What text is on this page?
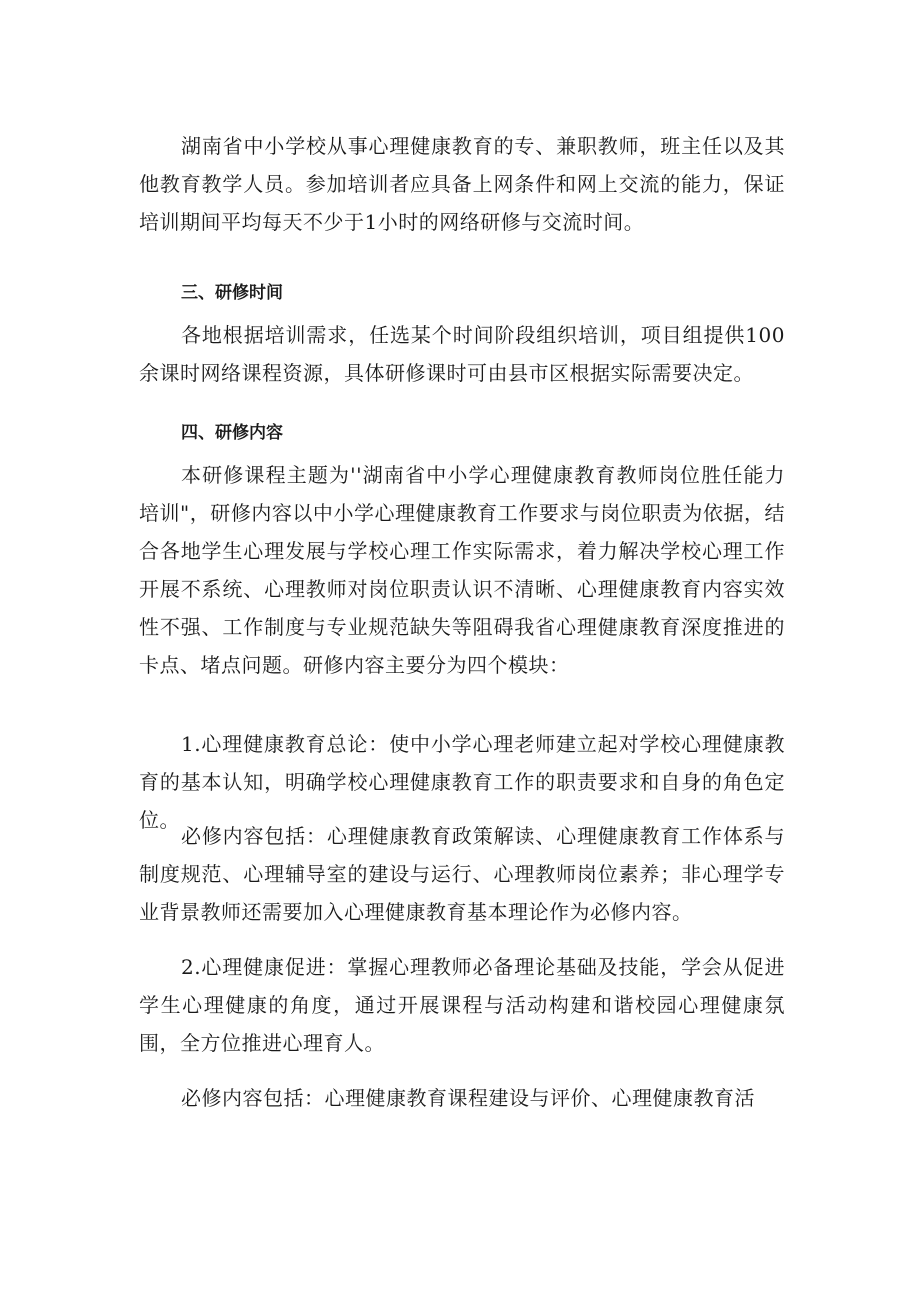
湖南省中小学校从事心理健康教育的专、兼职教师，班主任以及其他教育教学人员。参加培训者应具备上网条件和网上交流的能力，保证培训期间平均每天不少于1小时的网络研修与交流时间。

三、研修时间

各地根据培训需求，任选某个时间阶段组织培训，项目组提供100余课时网络课程资源，具体研修课时可由县市区根据实际需要决定。

四、研修内容

本研修课程主题为''湖南省中小学心理健康教育教师岗位胜任能力培训"，研修内容以中小学心理健康教育工作要求与岗位职责为依据，结合各地学生心理发展与学校心理工作实际需求，着力解决学校心理工作开展不系统、心理教师对岗位职责认识不清晰、心理健康教育内容实效性不强、工作制度与专业规范缺失等阻碍我省心理健康教育深度推进的卡点、堵点问题。研修内容主要分为四个模块：

1.心理健康教育总论：使中小学心理老师建立起对学校心理健康教育的基本认知，明确学校心理健康教育工作的职责要求和自身的角色定位。

必修内容包括：心理健康教育政策解读、心理健康教育工作体系与制度规范、心理辅导室的建设与运行、心理教师岗位素养；非心理学专业背景教师还需要加入心理健康教育基本理论作为必修内容。

2.心理健康促进：掌握心理教师必备理论基础及技能，学会从促进学生心理健康的角度，通过开展课程与活动构建和谐校园心理健康氛围，全方位推进心理育人。

必修内容包括：心理健康教育课程建设与评价、心理健康教育活
